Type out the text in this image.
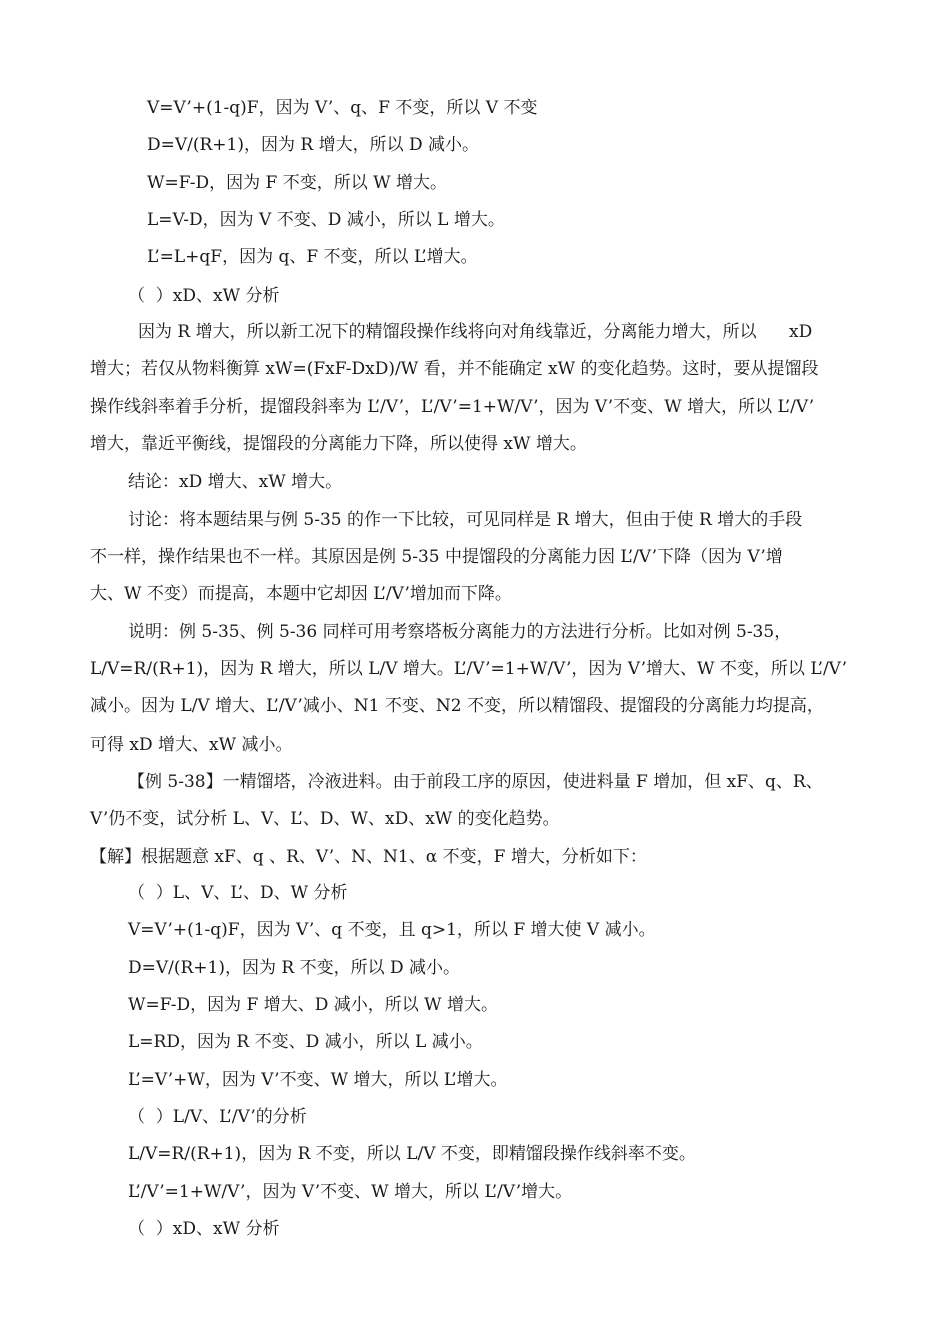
V=V’+(1-q)F，因为 V’、q、F 不变，所以 V 不变
D=V/(R+1)，因为 R 增大，所以 D 减小。
W=F-D，因为 F 不变，所以 W 增大。
L=V-D，因为 V 不变、D 减小，所以 L 增大。
L’=L+qF，因为 q、F 不变，所以 L’增大。
（  ）xD、xW 分析
因为 R 增大，所以新工况下的精馏段操作线将向对角线靠近，分离能力增大，所以      xD
增大；若仅从物料衡算 xW=(FxF-DxD)/W 看，并不能确定 xW 的变化趋势。这时，要从提馏段
操作线斜率着手分析，提馏段斜率为 L’/V’，L’/V’=1+W/V’，因为 V’不变、W 增大，所以 L’/V’
增大，靠近平衡线，提馏段的分离能力下降，所以使得 xW 增大。
结论：xD 增大、xW 增大。
讨论：将本题结果与例 5-35 的作一下比较，可见同样是 R 增大，但由于使 R 增大的手段
不一样，操作结果也不一样。其原因是例 5-35 中提馏段的分离能力因 L’/V’下降（因为 V’增
大、W 不变）而提高，本题中它却因 L’/V’增加而下降。
说明：例 5-35、例 5-36 同样可用考察塔板分离能力的方法进行分析。比如对例 5-35，
L/V=R/(R+1)，因为 R 增大，所以 L/V 增大。L’/V’=1+W/V’，因为 V’增大、W 不变，所以 L’/V’
减小。因为 L/V 增大、L’/V’减小、N1 不变、N2 不变，所以精馏段、提馏段的分离能力均提高，
可得 xD 增大、xW 减小。
【例 5-38】一精馏塔，冷液进料。由于前段工序的原因，使进料量 F 增加，但 xF、q、R、
V’仍不变，试分析 L、V、L’、D、W、xD、xW 的变化趋势。
【解】根据题意 xF、q 、R、V’、N、N1、α 不变，F 增大，分析如下：
（  ）L、V、L’、D、W 分析
V=V’+(1-q)F，因为 V’、q 不变，且 q>1，所以 F 增大使 V 减小。
D=V/(R+1)，因为 R 不变，所以 D 减小。
W=F-D，因为 F 增大、D 减小，所以 W 增大。
L=RD，因为 R 不变、D 减小，所以 L 减小。
L’=V’+W，因为 V’不变、W 增大，所以 L’增大。
（  ）L/V、L’/V’的分析
L/V=R/(R+1)，因为 R 不变，所以 L/V 不变，即精馏段操作线斜率不变。
L’/V’=1+W/V’，因为 V’不变、W 增大，所以 L’/V’增大。
（  ）xD、xW 分析
